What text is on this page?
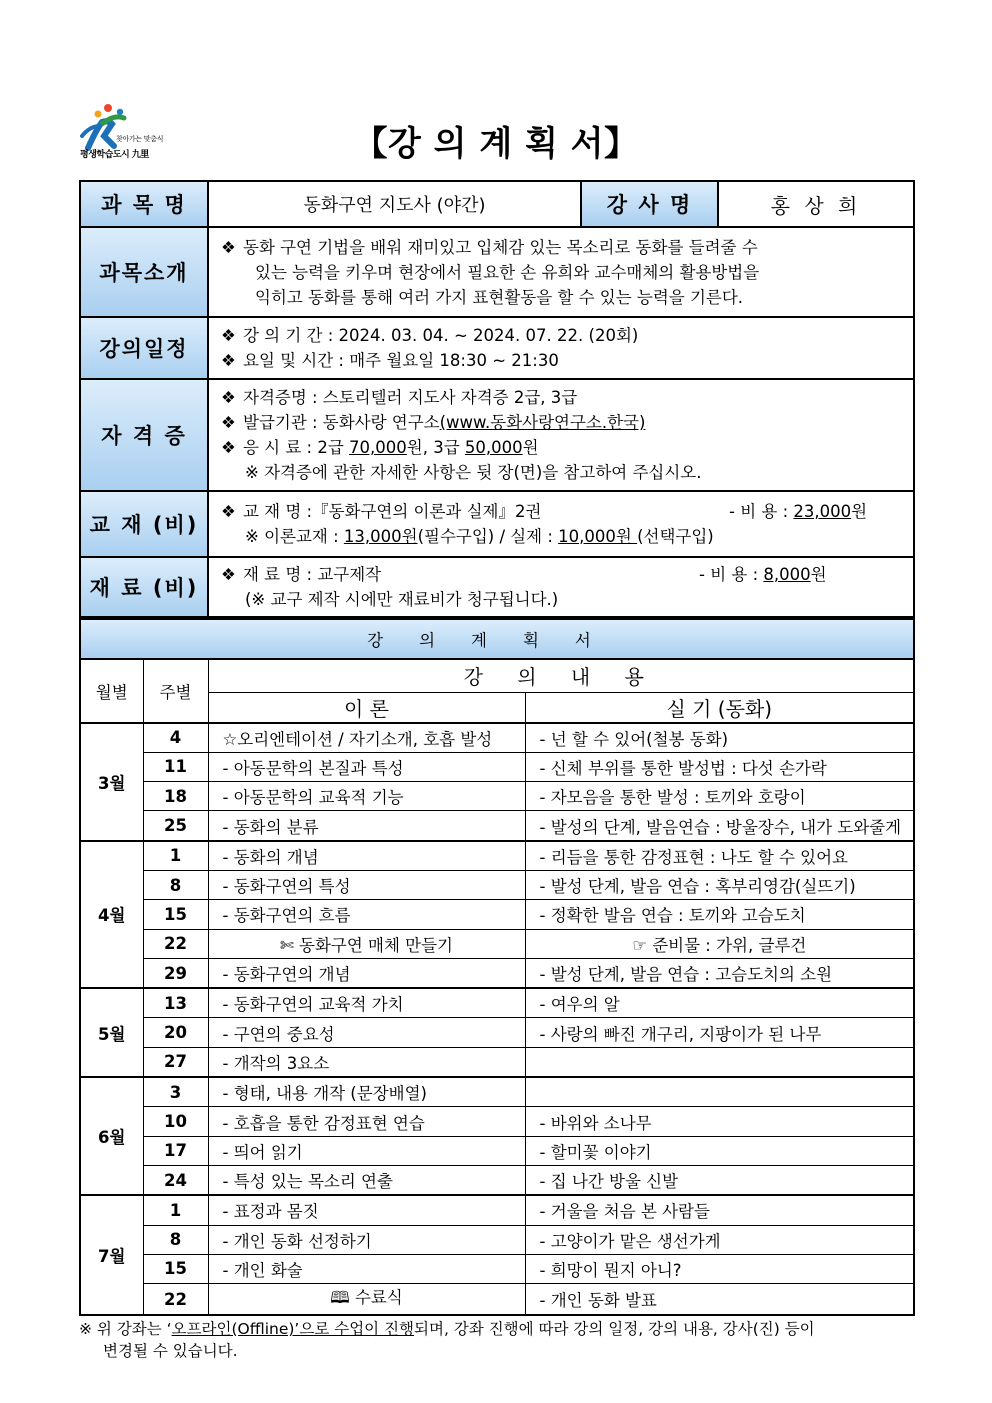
찾아가는 맞춤식
평생학습도시 九里	【강 의 계 획 서】
과 목 명	동화구연 지도사 (야간)	강 사 명	홍 상 희
과목소개	❖ 동화 구연 기법을 배워 재미있고 입체감 있는 목소리로 동화를 들려줄 수
있는 능력을 키우며 현장에서 필요한 손 유희와 교수매체의 활용방법을
익히고 동화를 통해 여러 가지 표현활동을 할 수 있는 능력을 기른다.		

강의일정	❖ 강 의 기 간 : 2024. 03. 04. ~ 2024. 07. 22. (20회)
❖ 요일 및 시간 : 매주 월요일 18:30 ~ 21:30		

자 격 증	❖ 자격증명 : 스토리텔러 지도사 자격증 2급, 3급
❖ 발급기관 : 동화사랑 연구소(www.동화사랑연구소.한국)
❖ 응 시 료 : 2급 70,000원, 3급 50,000원
※ 자격증에 관한 자세한 사항은 뒷 장(면)을 참고하여 주십시오.		

교 재 (비)	❖ 교 재 명 :『동화구연의 이론과 실제』2권 - 비 용 : 23,000원
※ 이론교재 : 13,000원(필수구입) / 실제 : 10,000원 (선택구입)		

재 료 (비)	❖ 재 료 명 : 교구제작 - 비 용 : 8,000원
(※ 교구 제작 시에만 재료비가 청구됩니다.)		
강의계획서			
월별	주별	강 의 내 용	
		이 론	실 기 (동화)
3월	4	☆오리엔테이션 / 자기소개, 호흡 발성	- 넌 할 수 있어(철봉 동화)
	11	- 아동문학의 본질과 특성	- 신체 부위를 통한 발성법 : 다섯 손가락
	18	- 아동문학의 교육적 기능	- 자모음을 통한 발성 : 토끼와 호랑이
	25	- 동화의 분류	- 발성의 단계, 발음연습 : 방울장수, 내가 도와줄게
4월	1	- 동화의 개념	- 리듬을 통한 감정표현 : 나도 할 수 있어요
	8	- 동화구연의 특성	- 발성 단계, 발음 연습 : 혹부리영감(실뜨기)
	15	- 동화구연의 흐름	- 정확한 발음 연습 : 토끼와 고슴도치
	22	✄ 동화구연 매체 만들기	☞ 준비물 : 가위, 글루건
	29	- 동화구연의 개념	- 발성 단계, 발음 연습 : 고슴도치의 소원
5월	13	- 동화구연의 교육적 가치	- 여우의 알
	20	- 구연의 중요성	- 사랑의 빠진 개구리, 지팡이가 된 나무
	27	- 개작의 3요소	
6월	3	- 형태, 내용 개작 (문장배열)	
	10	- 호흡을 통한 감정표현 연습	- 바위와 소나무
	17	- 띄어 읽기	- 할미꽃 이야기
	24	- 특성 있는 목소리 연출	- 집 나간 방울 신발
7월	1	- 표정과 몸짓	- 거울을 처음 본 사람들
	8	- 개인 동화 선정하기	- 고양이가 맡은 생선가게
	15	- 개인 화술	- 희망이 뭔지 아니?
	22	🕮 수료식	- 개인 동화 발표
※ 위 강좌는 ‘오프라인(Offline)’으로 수업이 진행되며, 강좌 진행에 따라 강의 일정, 강의 내용, 강사(진) 등이
변경될 수 있습니다.
